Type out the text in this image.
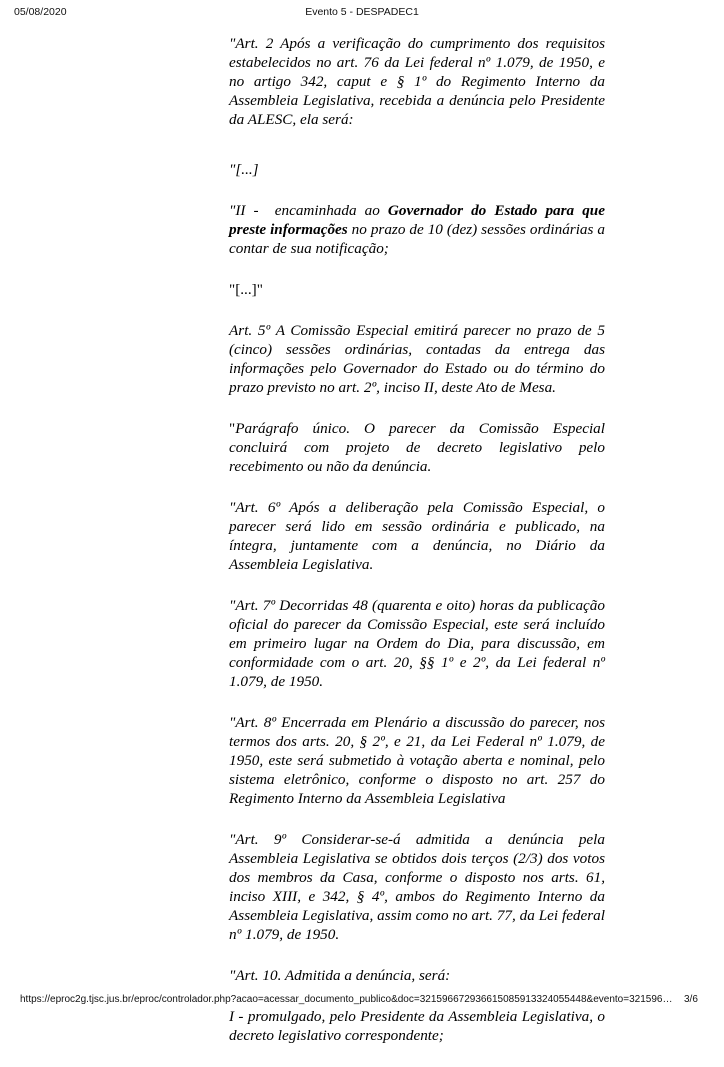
05/08/2020	Evento 5 - DESPADEC1

"Art. 2 Após a verificação do cumprimento dos requisitos estabelecidos no art. 76 da Lei federal nº 1.079, de 1950, e no artigo 342, caput e § 1º do Regimento Interno da Assembleia Legislativa, recebida a denúncia pelo Presidente da ALESC, ela será:

"[...]

"II -  encaminhada ao Governador do Estado para que preste informações no prazo de 10 (dez) sessões ordinárias a contar de sua notificação;

"[...]"

Art. 5º A Comissão Especial emitirá parecer no prazo de 5 (cinco) sessões ordinárias, contadas da entrega das informações pelo Governador do Estado ou do término do prazo previsto no art. 2º, inciso II, deste Ato de Mesa.

"Parágrafo único. O parecer da Comissão Especial concluirá com projeto de decreto legislativo pelo recebimento ou não da denúncia.

"Art. 6º Após a deliberação pela Comissão Especial, o parecer será lido em sessão ordinária e publicado, na íntegra, juntamente com a denúncia, no Diário da Assembleia Legislativa.

"Art. 7º Decorridas 48 (quarenta e oito) horas da publicação oficial do parecer da Comissão Especial, este será incluído em primeiro lugar na Ordem do Dia, para discussão, em conformidade com o art. 20, §§ 1º e 2º, da Lei federal nº 1.079, de 1950.

"Art. 8º Encerrada em Plenário a discussão do parecer, nos termos dos arts. 20, § 2º, e 21, da Lei Federal nº 1.079, de 1950, este será submetido à votação aberta e nominal, pelo sistema eletrônico, conforme o disposto no art. 257 do Regimento Interno da Assembleia Legislativa

"Art. 9º Considerar-se-á admitida a denúncia pela Assembleia Legislativa se obtidos dois terços (2/3) dos votos dos membros da Casa, conforme o disposto nos arts. 61, inciso XIII, e 342, § 4º, ambos do Regimento Interno da Assembleia Legislativa, assim como no art. 77, da Lei federal nº 1.079, de 1950.

"Art. 10. Admitida a denúncia, será:

I - promulgado, pelo Presidente da Assembleia Legislativa, o decreto legislativo correspondente;

https://eproc2g.tjsc.jus.br/eproc/controlador.php?acao=acessar_documento_publico&doc=321596672936615085913324055448&evento=321596…	3/6
